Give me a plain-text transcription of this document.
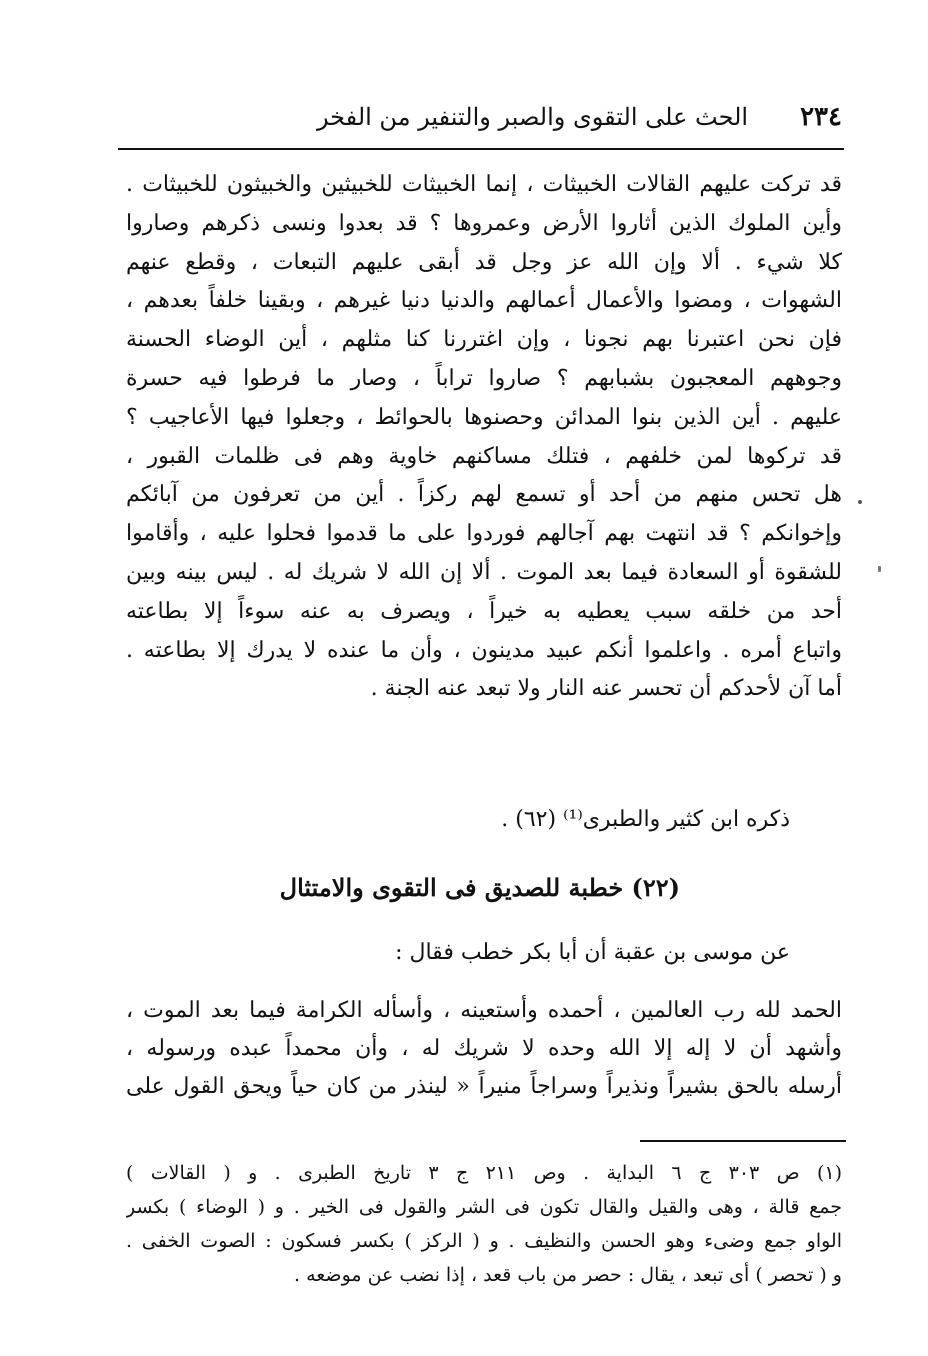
٢٣٤
الحث على التقوى والصبر والتنفير من الفخر
قد تركت عليهم القالات الخبيثات ، إنما الخبيثات للخبيثين والخبيثون للخبيثات .
وأين الملوك الذين أثاروا الأرض وعمروها ؟ قد بعدوا ونسى ذكرهم وصاروا
كلا شيء . ألا وإن الله عز وجل قد أبقى عليهم التبعات ، وقطع عنهم
الشهوات ، ومضوا والأعمال أعمالهم والدنيا دنيا غيرهم ، وبقينا خلفاً بعدهم ،
فإن نحن اعتبرنا بهم نجونا ، وإن اغتررنا كنا مثلهم ، أين الوضاء الحسنة
وجوههم المعجبون بشبابهم ؟ صاروا تراباً ، وصار ما فرطوا فيه حسرة
عليهم . أين الذين بنوا المدائن وحصنوها بالحوائط ، وجعلوا فيها الأعاجيب ؟
قد تركوها لمن خلفهم ، فتلك مساكنهم خاوية وهم فى ظلمات القبور ،
هل تحس منهم من أحد أو تسمع لهم ركزاً . أين من تعرفون من آبائكم
وإخوانكم ؟ قد انتهت بهم آجالهم فوردوا على ما قدموا فحلوا عليه ، وأقاموا
للشقوة أو السعادة فيما بعد الموت . ألا إن الله لا شريك له . ليس بينه وبين
أحد من خلقه سبب يعطيه به خيراً ، ويصرف به عنه سوءاً إلا بطاعته
واتباع أمره . واعلموا أنكم عبيد مدينون ، وأن ما عنده لا يدرك إلا بطاعته .
أما آن لأحدكم أن تحسر عنه النار ولا تبعد عنه الجنة .
ذكره ابن كثير والطبرى⁽¹⁾ (٦٢) .
(٢٢) خطبة للصديق فى التقوى والامتثال
عن موسى بن عقبة أن أبا بكر خطب فقال :
الحمد لله رب العالمين ، أحمده وأستعينه ، وأسأله الكرامة فيما بعد الموت ،
وأشهد أن لا إله إلا الله وحده لا شريك له ، وأن محمداً عبده ورسوله ،
أرسله بالحق بشيراً ونذيراً وسراجاً منيراً « لينذر من كان حياً ويحق القول على
(١) ص ٣٠٣ ج ٦ البداية . وص ٢١١ ج ٣ تاريخ الطبرى . و ( القالات )
جمع قالة ، وهى والقيل والقال تكون فى الشر والقول فى الخير . و ( الوضاء ) بكسر
الواو جمع وضىء وهو الحسن والنظيف . و ( الركز ) بكسر فسكون : الصوت الخفى .
و ( تحصر ) أى تبعد ، يقال : حصر من باب قعد ، إذا نضب عن موضعه .
